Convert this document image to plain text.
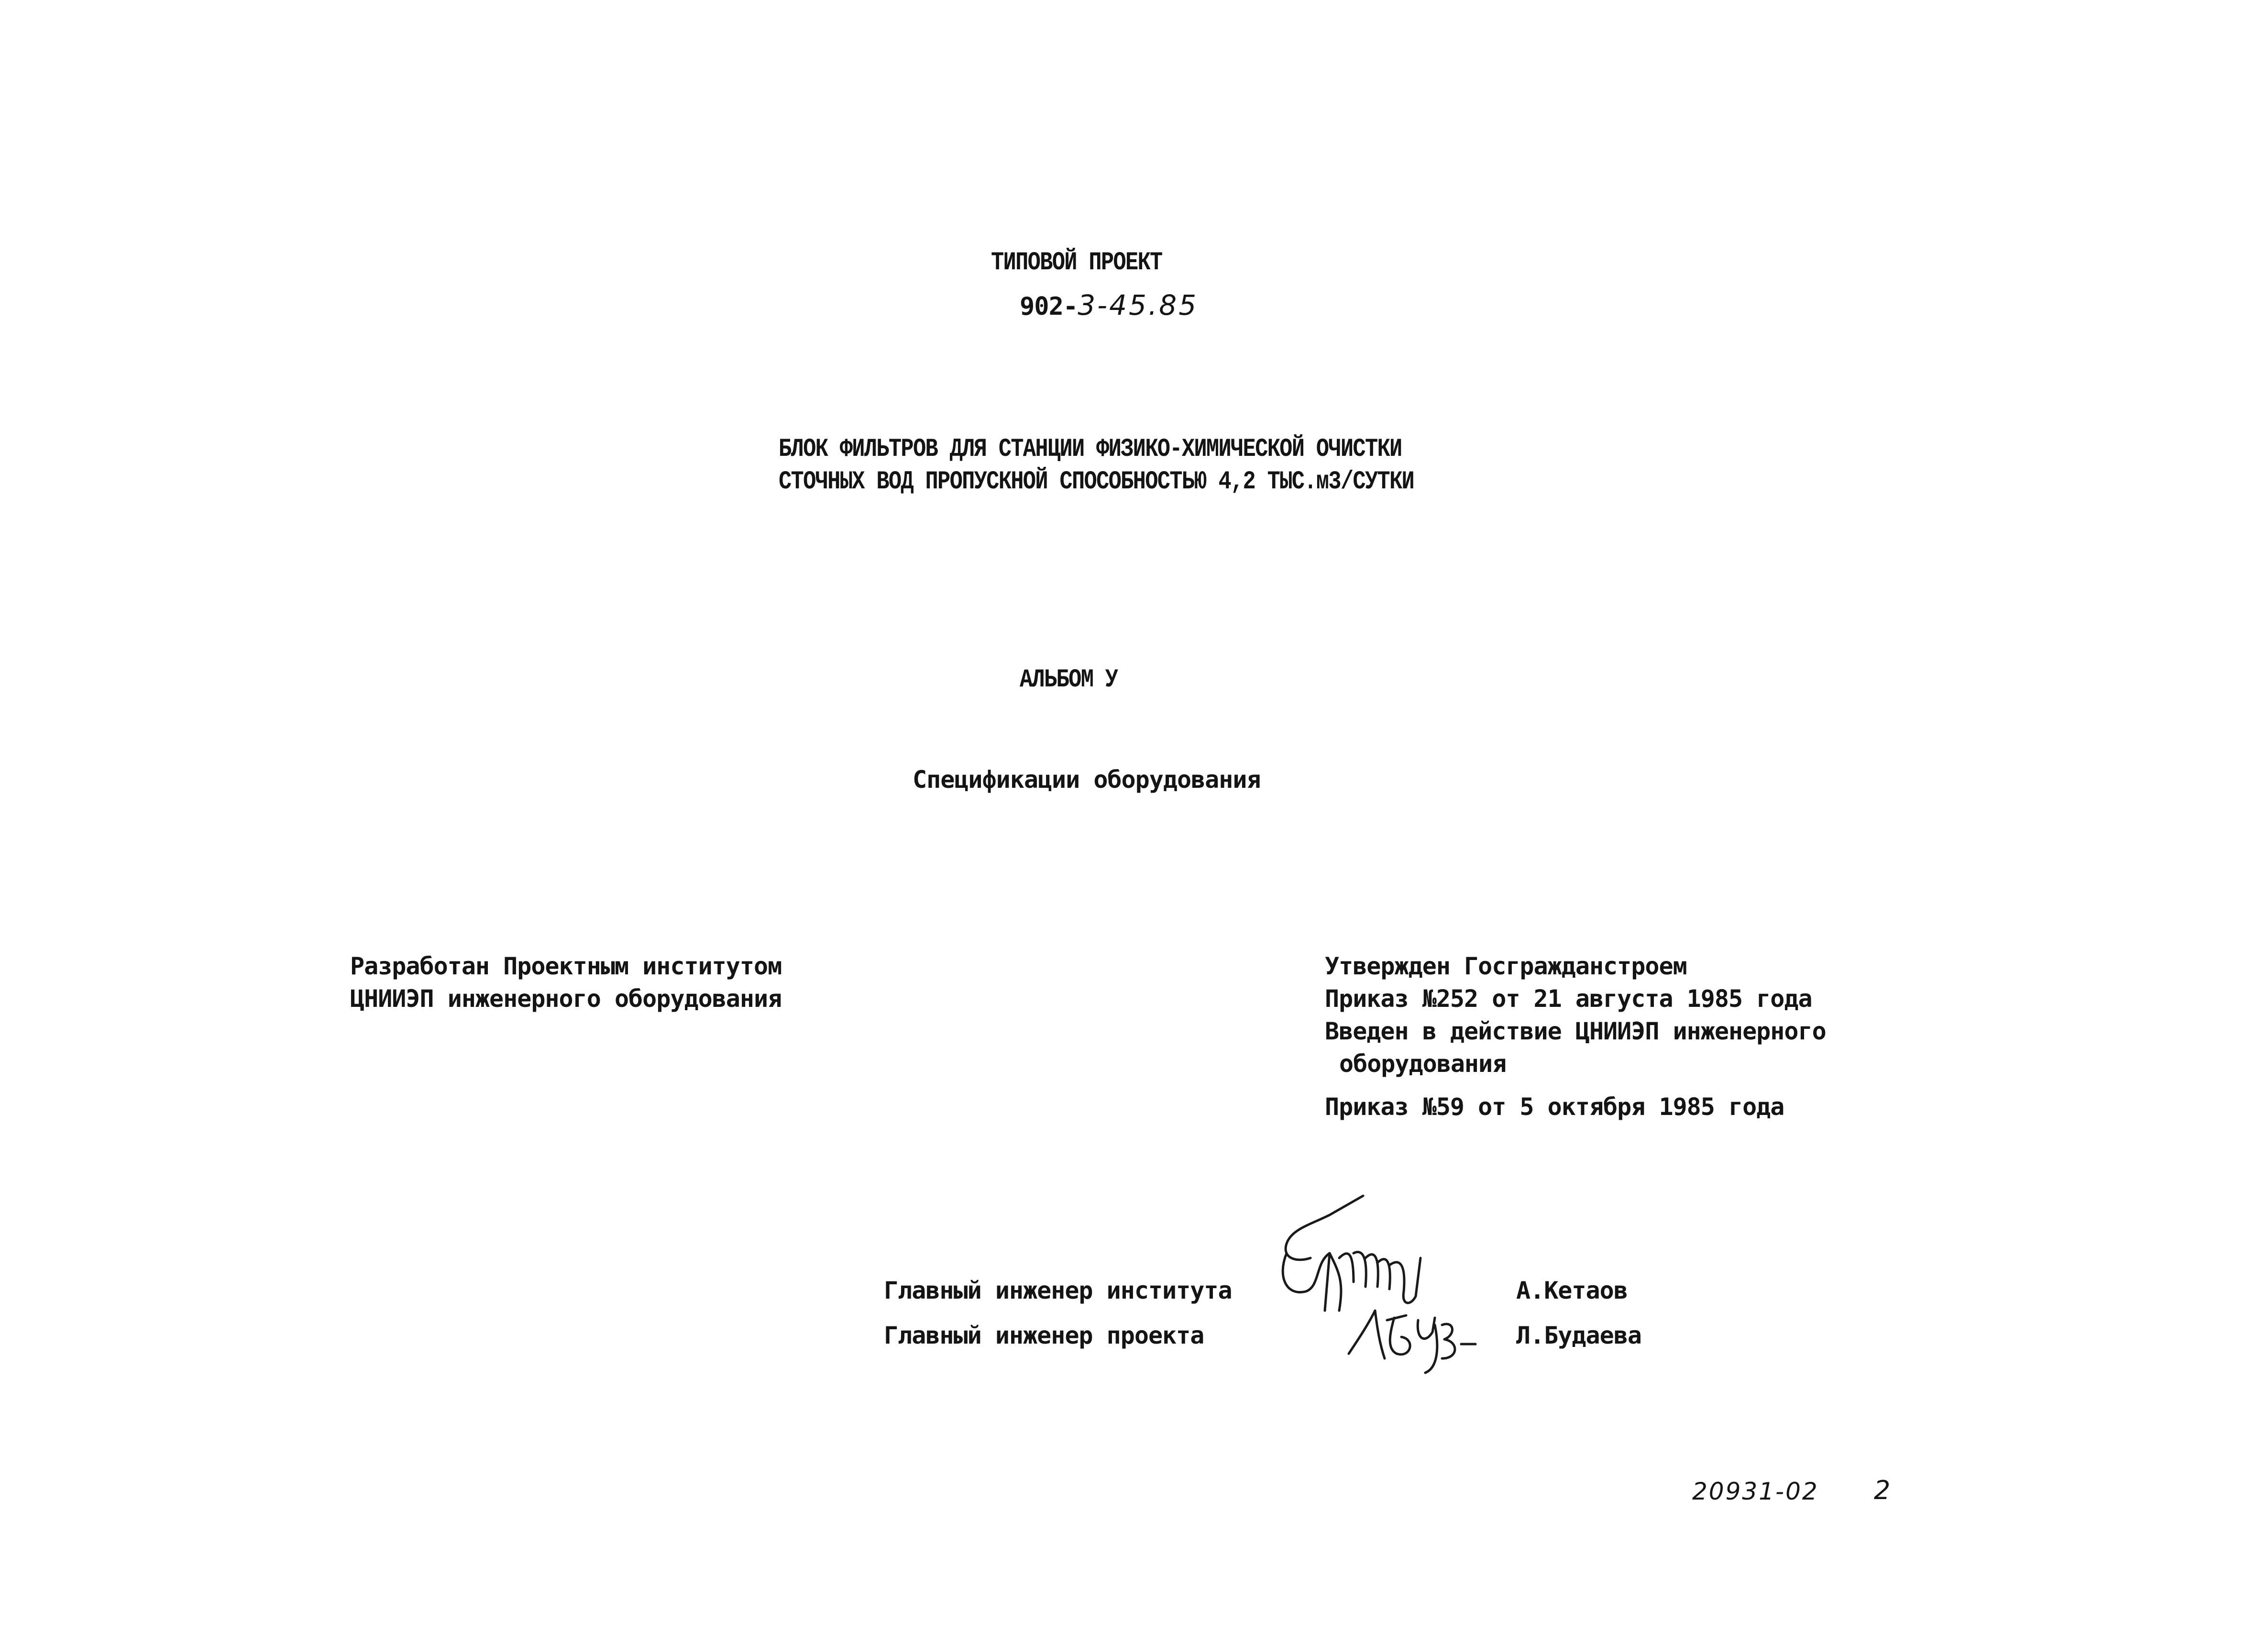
ТИПОВОЙ ПРОЕКТ
902-3-45.85
БЛОК ФИЛЬТРОВ ДЛЯ СТАНЦИИ ФИЗИКО-ХИМИЧЕСКОЙ ОЧИСТКИ
СТОЧНЫХ ВОД ПРОПУСКНОЙ СПОСОБНОСТЬЮ 4,2 ТЫС.м3/СУТКИ
АЛЬБОМ У
Спецификации оборудования
Разработан Проектным институтом
ЦНИИЭП инженерного оборудования
Утвержден Госгражданстроем
Приказ №252 от 21 августа 1985 года
Введен в действие ЦНИИЭП инженерного
оборудования
Приказ №59 от 5 октября 1985 года
Главный инженер института	А.Кетаов
Главный инженер проекта	Л.Будаева
20931-02 2
